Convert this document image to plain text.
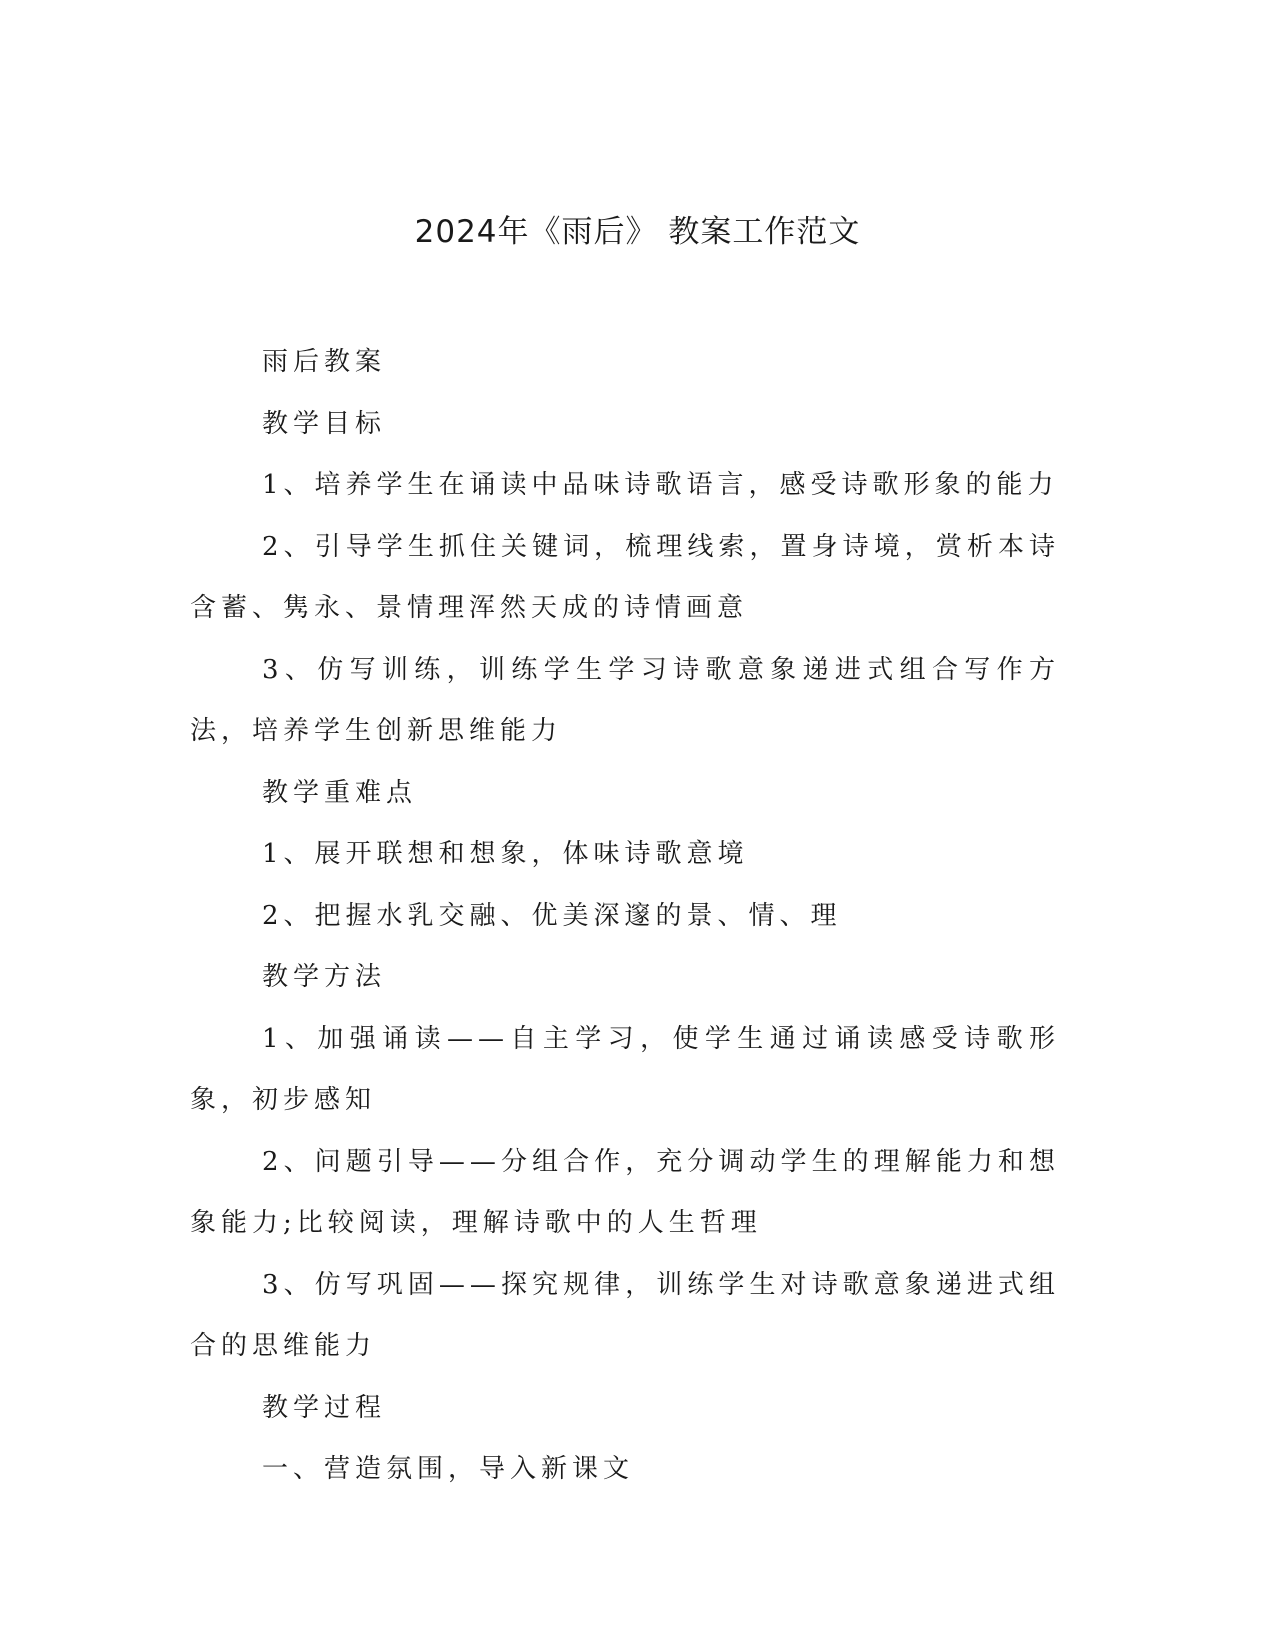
2024年《雨后》 教案工作范文

雨后教案

教学目标

1、培养学生在诵读中品味诗歌语言，感受诗歌形象的能力

2、引导学生抓住关键词，梳理线索，置身诗境，赏析本诗含蓄、隽永、景情理浑然天成的诗情画意

3、仿写训练，训练学生学习诗歌意象递进式组合写作方法，培养学生创新思维能力

教学重难点

1、展开联想和想象，体味诗歌意境

2、把握水乳交融、优美深邃的景、情、理

教学方法

1、加强诵读——自主学习，使学生通过诵读感受诗歌形象，初步感知

2、问题引导——分组合作，充分调动学生的理解能力和想象能力;比较阅读，理解诗歌中的人生哲理

3、仿写巩固——探究规律，训练学生对诗歌意象递进式组合的思维能力

教学过程

一、营造氛围，导入新课文
